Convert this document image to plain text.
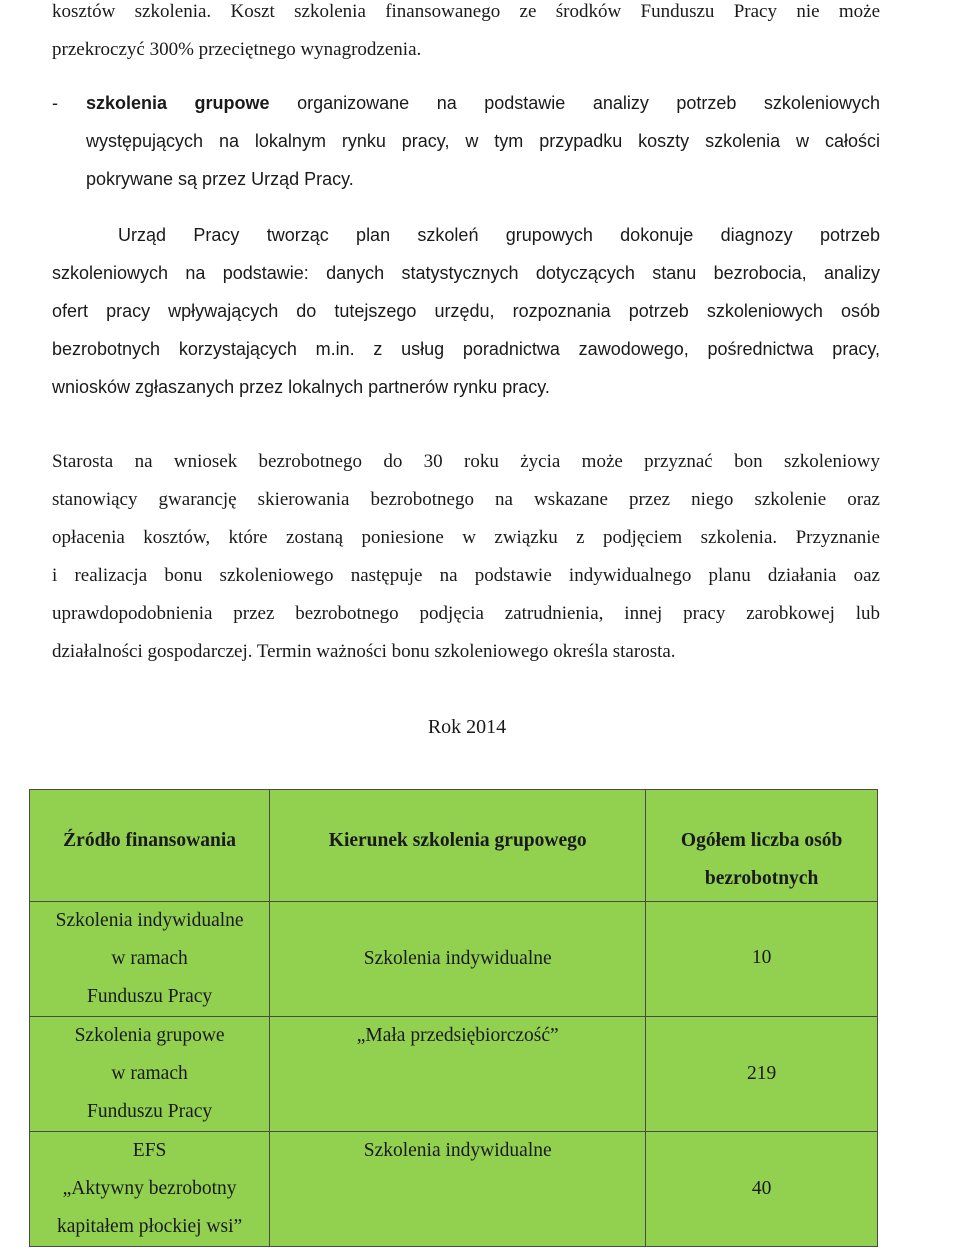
kosztów szkolenia. Koszt szkolenia finansowanego ze środków Funduszu Pracy nie może
przekroczyć 300% przeciętnego wynagrodzenia.

- szkolenia grupowe organizowane na podstawie analizy potrzeb szkoleniowych
występujących na lokalnym rynku pracy, w tym przypadku koszty szkolenia w całości
pokrywane są przez Urząd Pracy.

Urząd Pracy tworząc plan szkoleń grupowych dokonuje diagnozy potrzeb
szkoleniowych na podstawie: danych statystycznych dotyczących stanu bezrobocia, analizy
ofert pracy wpływających do tutejszego urzędu, rozpoznania potrzeb szkoleniowych osób
bezrobotnych korzystających m.in. z usług poradnictwa zawodowego, pośrednictwa pracy,
wniosków zgłaszanych przez lokalnych partnerów rynku pracy.

Starosta na wniosek bezrobotnego do 30 roku życia może przyznać bon szkoleniowy
stanowiący gwarancję skierowania bezrobotnego na wskazane przez niego szkolenie oraz
opłacenia kosztów, które zostaną poniesione w związku z podjęciem szkolenia. Przyznanie
i realizacja bonu szkoleniowego następuje na podstawie indywidualnego planu działania oaz
uprawdopodobnienia przez bezrobotnego podjęcia zatrudnienia, innej pracy zarobkowej lub
działalności gospodarczej. Termin ważności bonu szkoleniowego określa starosta.

Rok 2014
Źródło finansowania	Kierunek szkolenia grupowego	Ogółem liczba osób
bezrobotnych
Szkolenia indywidualne
w ramach
Funduszu Pracy	Szkolenia indywidualne	10
Szkolenia grupowe
w ramach
Funduszu Pracy	„Mała przedsiębiorczość”	219
EFS
„Aktywny bezrobotny
kapitałem płockiej wsi”	Szkolenia indywidualne	40
